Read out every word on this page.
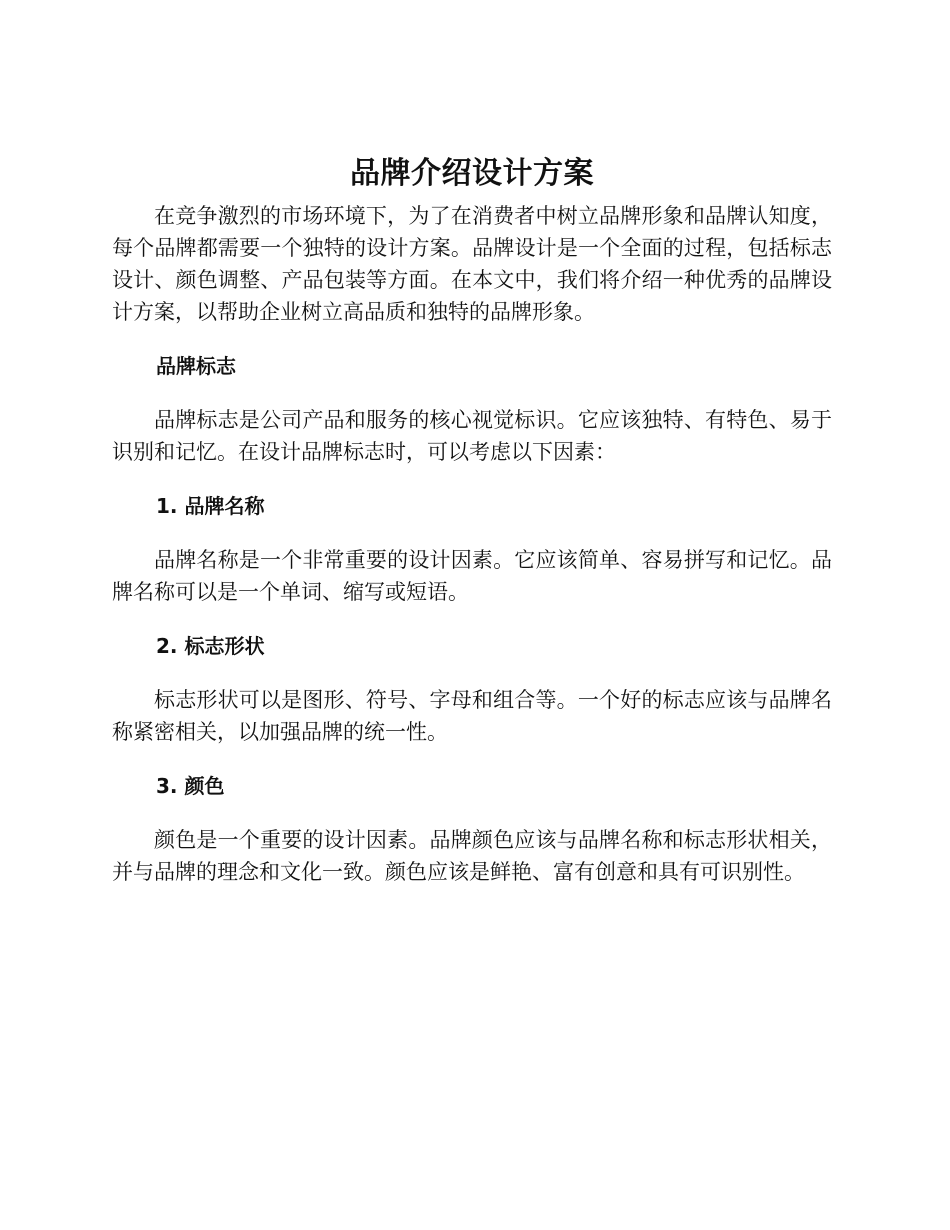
品牌介绍设计方案

在竞争激烈的市场环境下，为了在消费者中树立品牌形象和品牌认知度，每个品牌都需要一个独特的设计方案。品牌设计是一个全面的过程，包括标志设计、颜色调整、产品包装等方面。在本文中，我们将介绍一种优秀的品牌设计方案，以帮助企业树立高品质和独特的品牌形象。

品牌标志

品牌标志是公司产品和服务的核心视觉标识。它应该独特、有特色、易于识别和记忆。在设计品牌标志时，可以考虑以下因素：

1. 品牌名称

品牌名称是一个非常重要的设计因素。它应该简单、容易拼写和记忆。品牌名称可以是一个单词、缩写或短语。

2. 标志形状

标志形状可以是图形、符号、字母和组合等。一个好的标志应该与品牌名称紧密相关，以加强品牌的统一性。

3. 颜色

颜色是一个重要的设计因素。品牌颜色应该与品牌名称和标志形状相关，并与品牌的理念和文化一致。颜色应该是鲜艳、富有创意和具有可识别性。
